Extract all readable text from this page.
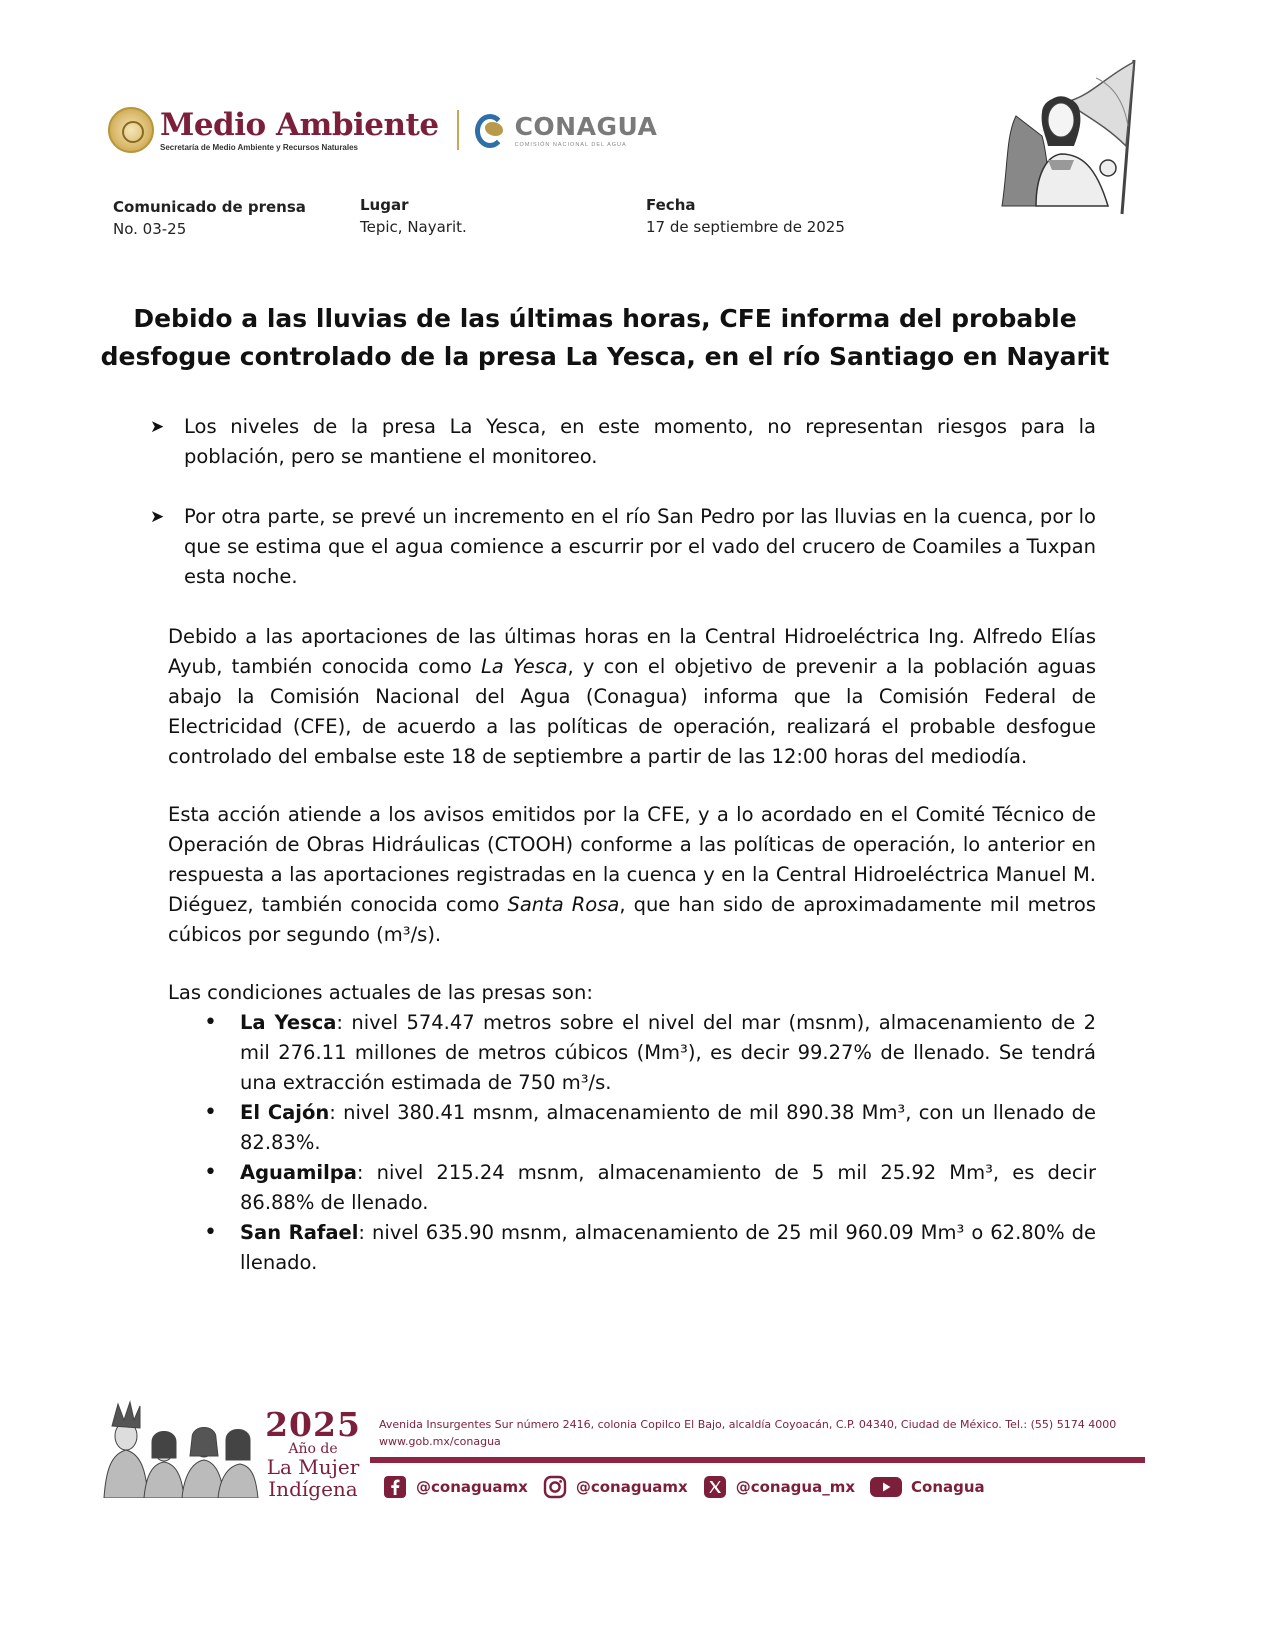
Medio Ambiente
Secretaría de Medio Ambiente y Recursos Naturales
CONAGUA
COMISIÓN NACIONAL DEL AGUA
Comunicado de prensa
No. 03-25
Lugar
Tepic, Nayarit.
Fecha
17 de septiembre de 2025
Debido a las lluvias de las últimas horas, CFE informa del probable desfogue controlado de la presa La Yesca, en el río Santiago en Nayarit
➤	Los niveles de la presa La Yesca, en este momento, no representan riesgos para la población, pero se mantiene el monitoreo.
➤	Por otra parte, se prevé un incremento en el río San Pedro por las lluvias en la cuenca, por lo que se estima que el agua comience a escurrir por el vado del crucero de Coamiles a Tuxpan esta noche.

Debido a las aportaciones de las últimas horas en la Central Hidroeléctrica Ing. Alfredo Elías Ayub, también conocida como La Yesca, y con el objetivo de prevenir a la población aguas abajo la Comisión Nacional del Agua (Conagua) informa que la Comisión Federal de Electricidad (CFE), de acuerdo a las políticas de operación, realizará el probable desfogue controlado del embalse este 18 de septiembre a partir de las 12:00 horas del mediodía.

Esta acción atiende a los avisos emitidos por la CFE, y a lo acordado en el Comité Técnico de Operación de Obras Hidráulicas (CTOOH) conforme a las políticas de operación, lo anterior en respuesta a las aportaciones registradas en la cuenca y en la Central Hidroeléctrica Manuel M. Diéguez, también conocida como Santa Rosa, que han sido de aproximadamente mil metros cúbicos por segundo (m³/s).

Las condiciones actuales de las presas son:
•	La Yesca: nivel 574.47 metros sobre el nivel del mar (msnm), almacenamiento de 2 mil 276.11 millones de metros cúbicos (Mm³), es decir 99.27% de llenado. Se tendrá una extracción estimada de 750 m³/s.
•	El Cajón: nivel 380.41 msnm, almacenamiento de mil 890.38 Mm³, con un llenado de 82.83%.
•	Aguamilpa: nivel 215.24 msnm, almacenamiento de 5 mil 25.92 Mm³, es decir 86.88% de llenado.
•	San Rafael: nivel 635.90 msnm, almacenamiento de 25 mil 960.09 Mm³ o 62.80% de llenado.
2025
Año de
La Mujer
Indígena
Avenida Insurgentes Sur número 2416, colonia Copilco El Bajo, alcaldía Coyoacán, C.P. 04340, Ciudad de México. Tel.: (55) 5174 4000
www.gob.mx/conagua
@conaguamx	@conaguamx	@conagua_mx	Conagua
